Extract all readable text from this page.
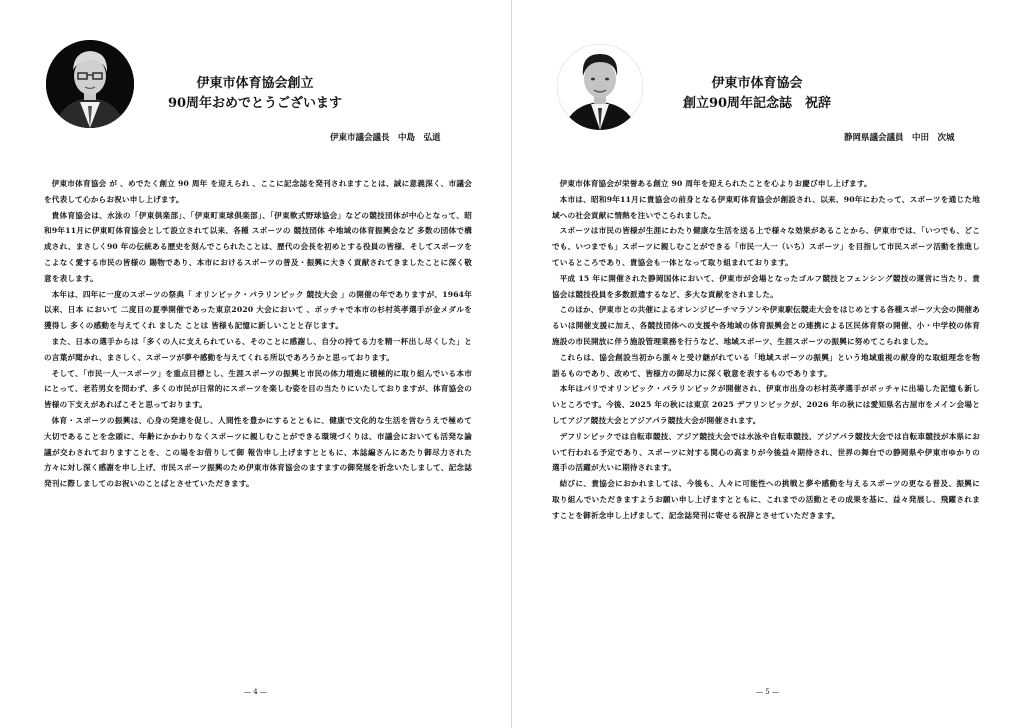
伊東市体育協会創立
90周年おめでとうございます
伊東市議会議長　中島　弘道

伊東市体育協会 が 、めでたく創立 90 周年 を迎えられ 、ここに記念誌を発刊されますことは、誠に意義深く、市議会を代表して心からお祝い申し上げます。

貴体育協会は、水泳の「伊東倶楽部」、「伊東町東球倶楽部」、「伊東軟式野球協会」などの競技団体が中心となって、昭和9年11月に伊東町体育協会として設立されて以来、各種 スポーツの 競技団体 や地域の体育振興会など 多数の団体で構成され、まさしく90 年の伝統ある歴史を刻んでこられたことは、歴代の会長を初めとする役員の皆様、そしてスポーツをこよなく愛する市民の皆様の 賜物であり、本市におけるスポーツの普及・振興に大きく貢献されてきましたことに深く敬意を表します。

本年は、四年に一度のスポーツの祭典「 オリンピック・パラリンピック 競技大会 」の開催の年でありますが、1964年以来、日本 において 二度目の夏季開催であった東京2020 大会において 、ボッチャで本市の杉村英孝選手が金メダルを獲得し 多くの感動を与えてくれ ました ことは 皆様も記憶に新しいことと存じます。

また、日本の選手からは「多くの人に支えられている、そのことに感謝し、自分の持てる力を精一杯出し尽くした」との言葉が聞かれ、まさしく、スポーツが夢や感動を与えてくれる所以であろうかと思っております。

そして、「市民一人一スポーツ」を重点目標とし、生涯スポーツの振興と市民の体力増進に積極的に取り組んでいる本市にとって、老若男女を問わず、多くの市民が日常的にスポーツを楽しむ姿を目の当たりにいたしておりますが、体育協会の皆様の下支えがあればこそと思っております。

体育・スポーツの振興は、心身の発達を促し、人間性を豊かにするとともに、健康で文化的な生活を営むうえで極めて大切であることを念頭に、年齢にかかわりなくスポーツに親しむことができる環境づくりは、市議会においても活発な論議が交わされておりますことを、この場をお借りして御 報告申し上げますとともに、本誌編さんにあたり御尽力された方々に対し深く感謝を申し上げ、市民スポーツ振興のため伊東市体育協会のますますの御発展を祈念いたしまして、記念誌発刊に際しましてのお祝いのことばとさせていただきます。

— 4 —
伊東市体育協会
創立90周年記念誌　祝辞
静岡県議会議員　中田　次城

伊東市体育協会が栄誉ある創立 90 周年を迎えられたことを心よりお慶び申し上げます。

本市は、昭和9年11月に貴協会の前身となる伊東町体育協会が創設され、以来、90年にわたって、スポーツを通じた地域への社会貢献に情熱を注いでこられました。

スポーツは市民の皆様が生涯にわたり健康な生活を送る上で様々な効果があることから、伊東市では、「いつでも、どこでも、いつまでも」スポーツに親しむことができる「市民一人一（いち）スポーツ」を目指して市民スポーツ活動を推進しているところであり、貴協会も一体となって取り組まれております。

平成 15 年に開催された静岡国体において、伊東市が会場となったゴルフ競技とフェンシング競技の運営に当たり、貴協会は競技役員を多数派遣するなど、多大な貢献をされました。

このほか、伊東市との共催によるオレンジビーチマラソンや伊東駅伝競走大会をはじめとする各種スポーツ大会の開催あるいは開催支援に加え、各競技団体への支援や各地域の体育振興会との連携による区民体育祭の開催、小・中学校の体育施設の市民開放に伴う施設管理業務を行うなど、地域スポーツ、生涯スポーツの振興に努めてこられました。

これらは、協会創設当初から脈々と受け継がれている「地域スポーツの振興」という地域重視の献身的な取組理念を物語るものであり、改めて、皆様方の御尽力に深く敬意を表するものであります。

本年はパリでオリンピック・パラリンピックが開催され、伊東市出身の杉村英孝選手がボッチャに出場した記憶も新しいところです。今後、2025 年の秋には東京 2025 デフリンピックが、2026 年の秋には愛知県名古屋市をメイン会場としてアジア競技大会とアジアパラ競技大会が開催されます。

デフリンピックでは自転車競技、アジア競技大会では水泳や自転車競技、アジアパラ競技大会では自転車競技が本県において行われる予定であり、スポーツに対する関心の高まりが今後益々期待され、世界の舞台での静岡県や伊東市ゆかりの選手の活躍が大いに期待されます。

結びに、貴協会におかれましては、今後も、人々に可能性への挑戦と夢や感動を与えるスポーツの更なる普及、振興に取り組んでいただきますようお願い申し上げますとともに、これまでの活動とその成果を基に、益々発展し、飛躍されますことを御祈念申し上げまして、記念誌発刊に寄せる祝辞とさせていただきます。

— 5 —
